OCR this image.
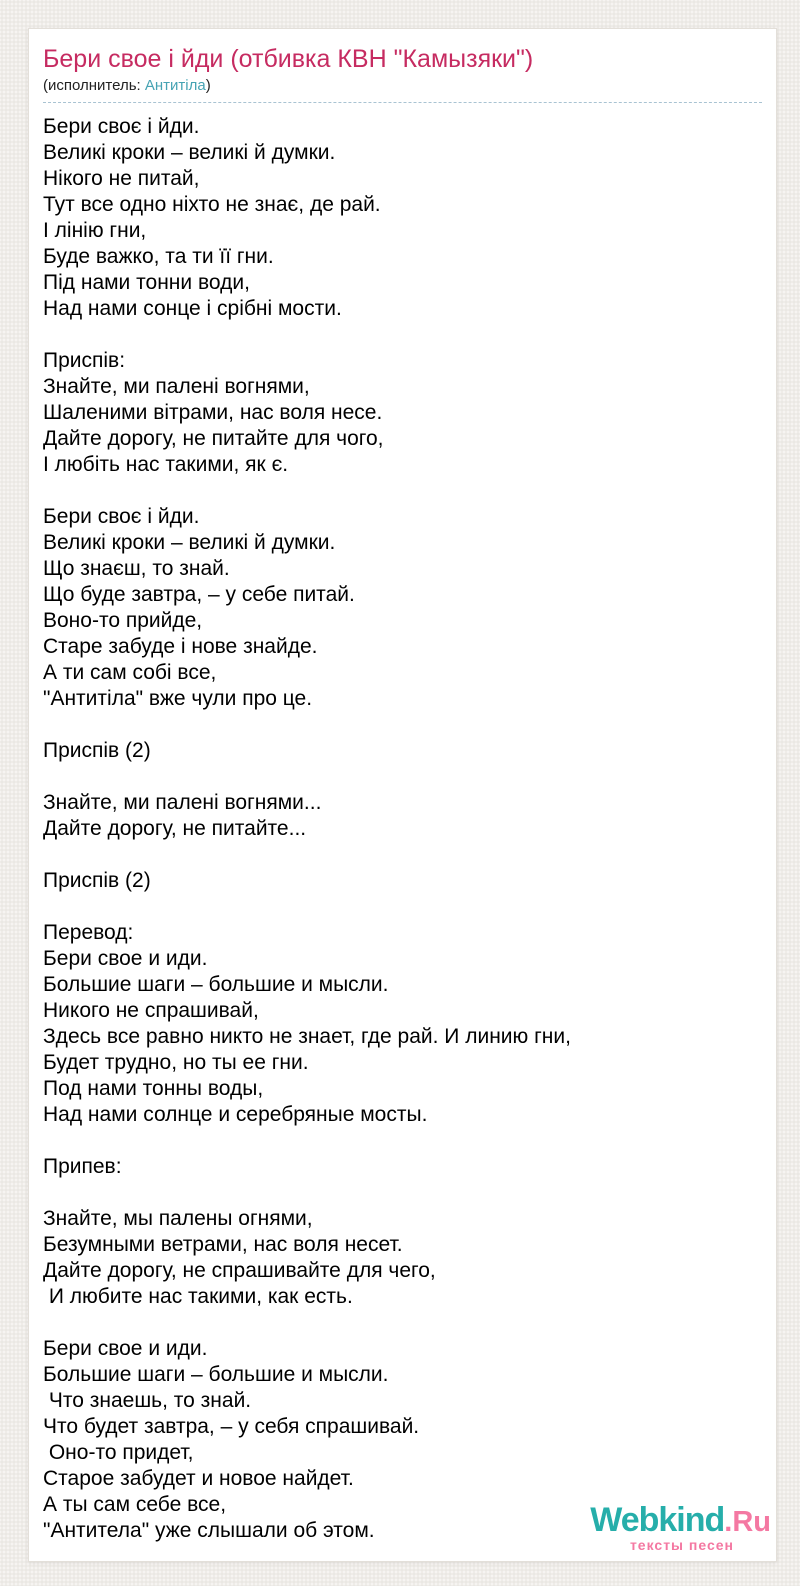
Бери свое і йди (отбивка КВН "Камызяки")
(исполнитель: Антитіла)
Бери своє і йди.
Великі кроки – великі й думки.
Нікого не питай,
Тут все одно ніхто не знає, де рай.
І лінію гни,
Буде важко, та ти її гни.
Під нами тонни води,
Над нами сонце і срібні мости.
Приспів:
Знайте, ми палені вогнями,
Шаленими вітрами, нас воля несе.
Дайте дорогу, не питайте для чого,
І любіть нас такими, як є.
Бери своє і йди.
Великі кроки – великі й думки.
Що знаєш, то знай.
Що буде завтра, – у себе питай.
Воно-то прийде,
Старе забуде і нове знайде.
А ти сам собі все,
"Антитіла" вже чули про це.
Приспів (2)
Знайте, ми палені вогнями...
Дайте дорогу, не питайте...
Приспів (2)
Перевод:
Бери свое и иди.
Большие шаги – большие и мысли.
Никого не спрашивай,
Здесь все равно никто не знает, где рай. И линию гни,
Будет трудно, но ты ее гни.
Под нами тонны воды,
Над нами солнце и серебряные мосты.
Припев:
Знайте, мы палены огнями,
Безумными ветрами, нас воля несет.
Дайте дорогу, не спрашивайте для чего,
И любите нас такими, как есть.
Бери свое и иди.
Большие шаги – большие и мысли.
Что знаешь, то знай.
Что будет завтра, – у себя спрашивай.
Оно-то придет,
Старое забудет и новое найдет.
А ты сам себе все,
"Антитела" уже слышали об этом.	Webkind.Ru
тексты песен
